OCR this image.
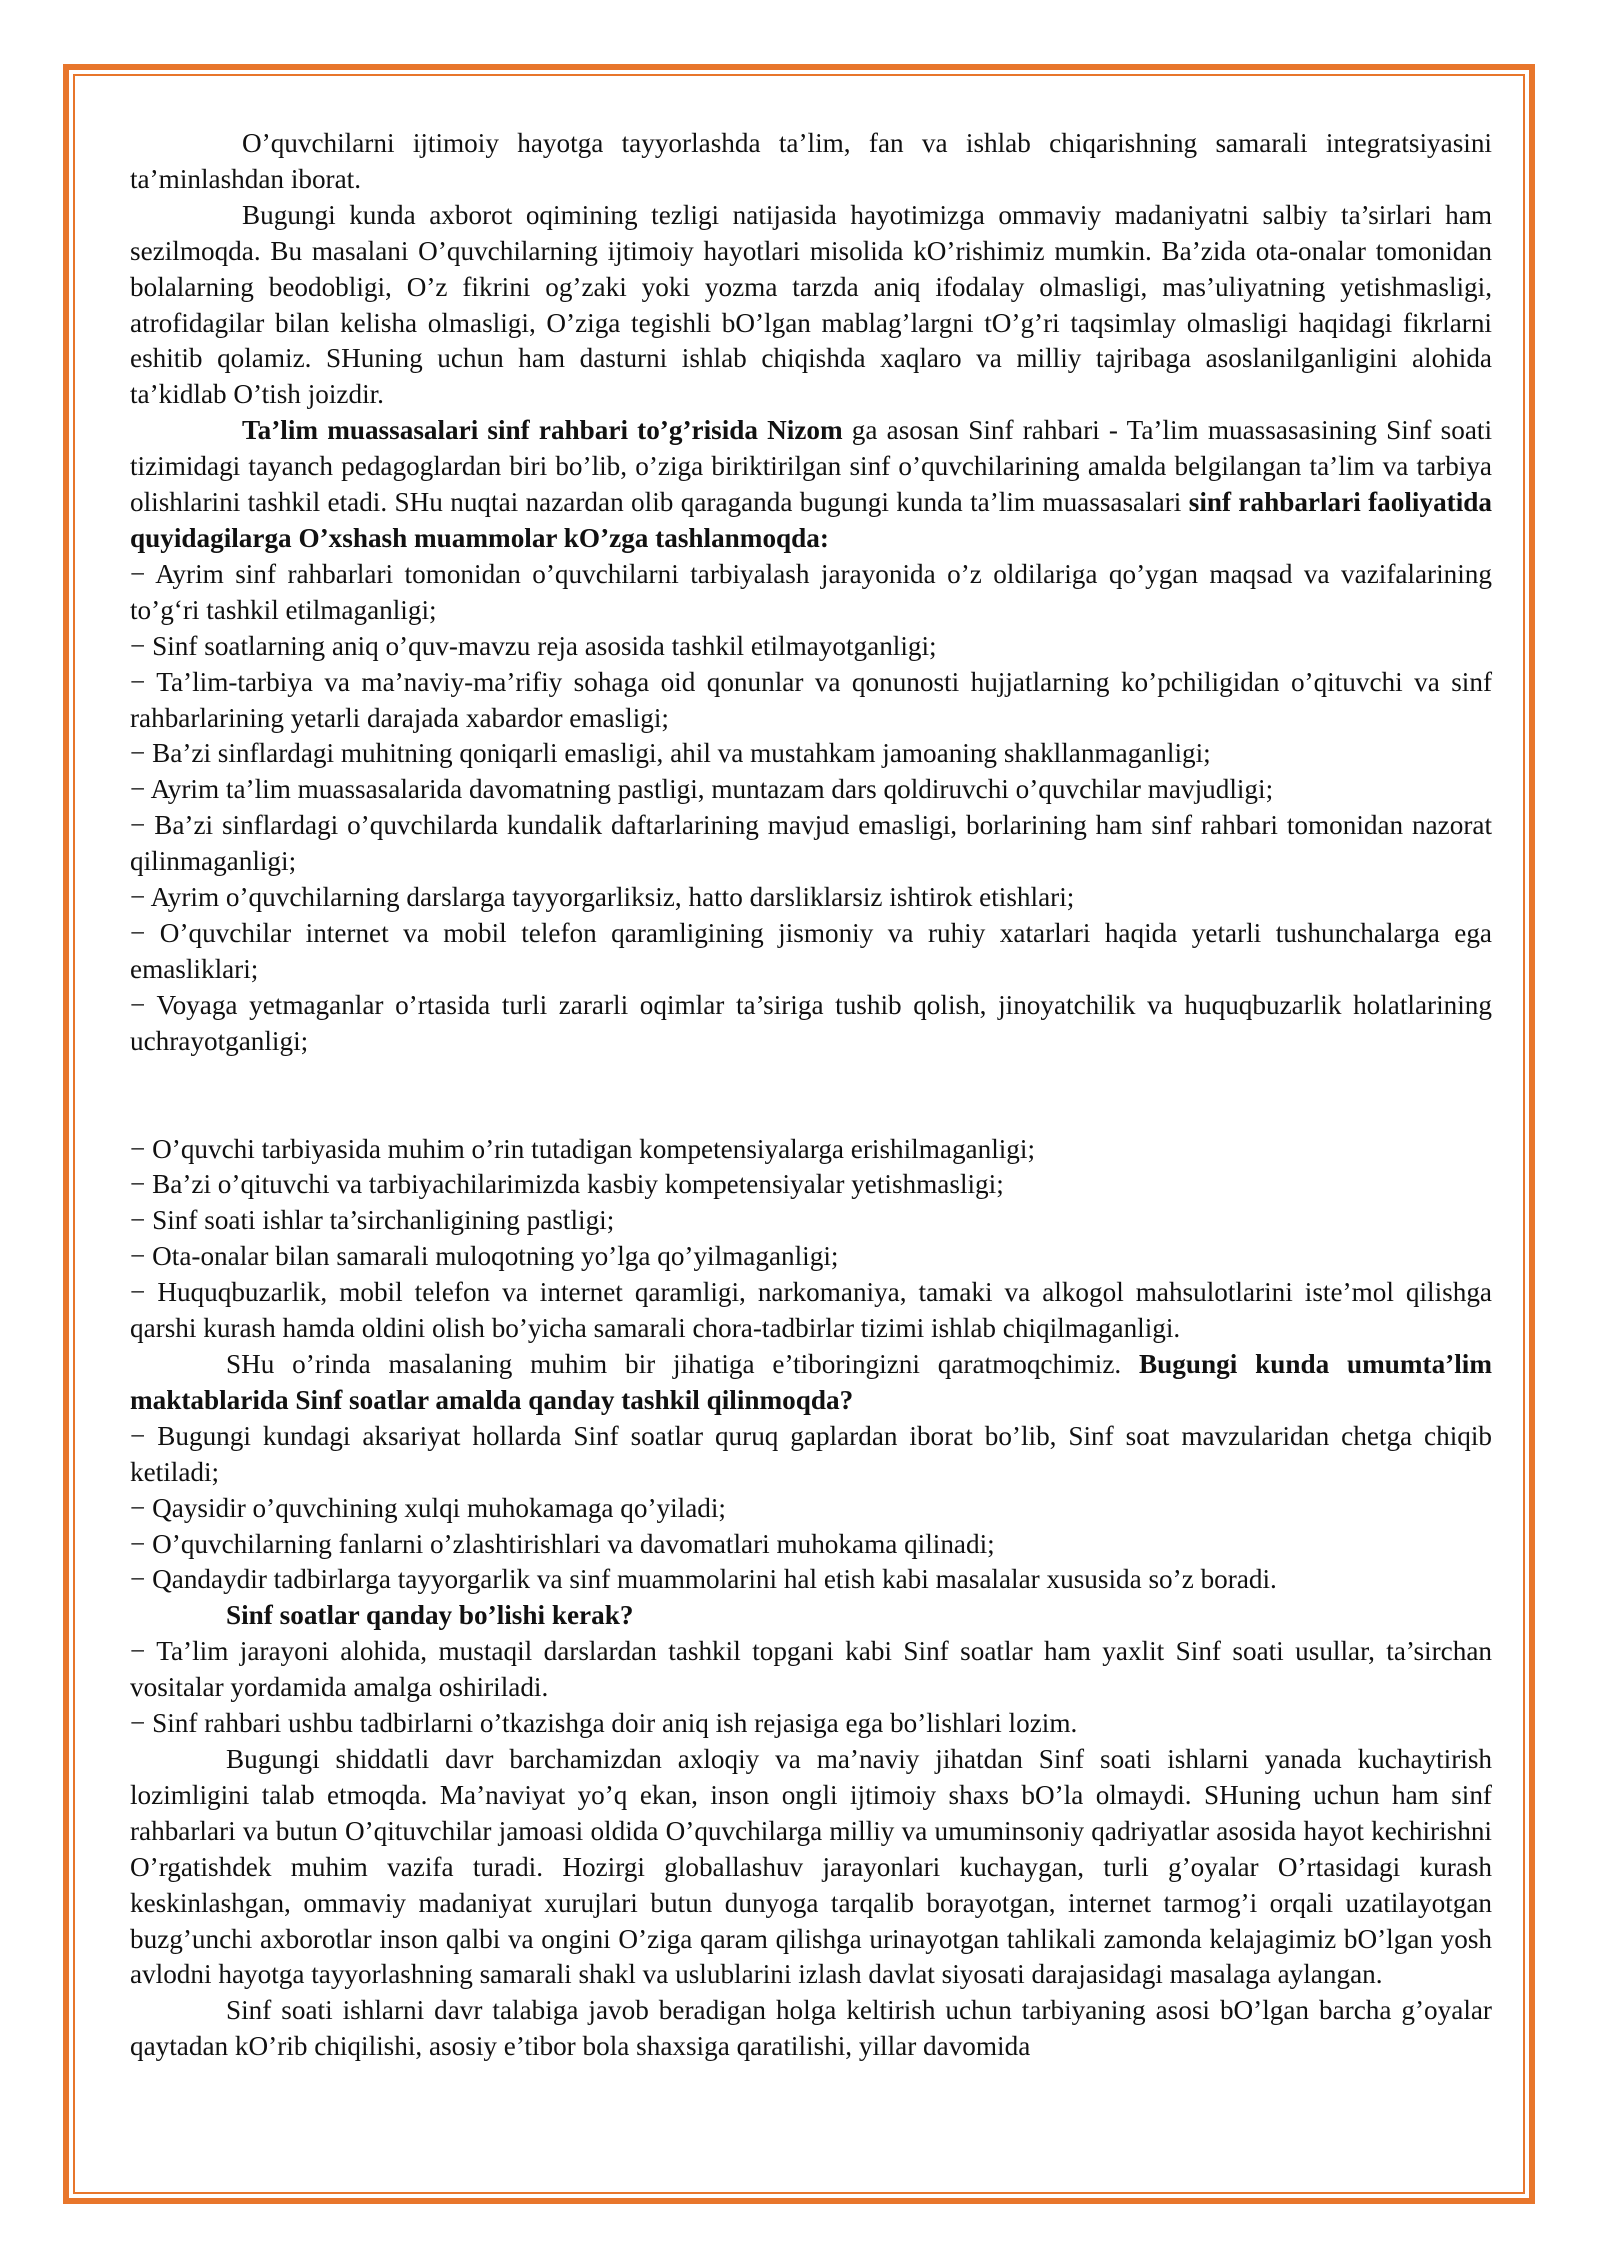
O’quvchilarni ijtimoiy hayotga tayyorlashda ta’lim, fan va ishlab chiqarishning samarali integratsiyasini ta’minlashdan iborat.

Bugungi kunda axborot oqimining tezligi natijasida hayotimizga ommaviy madaniyatni salbiy ta’sirlari ham sezilmoqda. Bu masalani O’quvchilarning ijtimoiy hayotlari misolida kO’rishimiz mumkin. Ba’zida ota-onalar tomonidan bolalarning beodobligi, O’z fikrini og’zaki yoki yozma tarzda aniq ifodalay olmasligi, mas’uliyatning yetishmasligi, atrofidagilar bilan kelisha olmasligi, O’ziga tegishli bO’lgan mablag’largni tO’g’ri taqsimlay olmasligi haqidagi fikrlarni eshitib qolamiz. SHuning uchun ham dasturni ishlab chiqishda xaqlaro va milliy tajribaga asoslanilganligini alohida ta’kidlab O’tish joizdir.

Ta’lim muassasalari sinf rahbari to’g’risida Nizom ga asosan Sinf rahbari - Ta’lim muassasasining Sinf soati tizimidagi tayanch pedagoglardan biri bo’lib, o’ziga biriktirilgan sinf o’quvchilarining amalda belgilangan ta’lim va tarbiya olishlarini tashkil etadi. SHu nuqtai nazardan olib qaraganda bugungi kunda ta’lim muassasalari sinf rahbarlari faoliyatida quyidagilarga O’xshash muammolar kO’zga tashlanmoqda:

− Ayrim sinf rahbarlari tomonidan o’quvchilarni tarbiyalash jarayonida o’z oldilariga qo’ygan maqsad va vazifalarining to’g‘ri tashkil etilmaganligi;

− Sinf soatlarning aniq o’quv-mavzu reja asosida tashkil etilmayotganligi;

− Ta’lim-tarbiya va ma’naviy-ma’rifiy sohaga oid qonunlar va qonunosti hujjatlarning ko’pchiligidan o’qituvchi va sinf rahbarlarining yetarli darajada xabardor emasligi;

− Ba’zi sinflardagi muhitning qoniqarli emasligi, ahil va mustahkam jamoaning shakllanmaganligi;

− Ayrim ta’lim muassasalarida davomatning pastligi, muntazam dars qoldiruvchi o’quvchilar mavjudligi;

− Ba’zi sinflardagi o’quvchilarda kundalik daftarlarining mavjud emasligi, borlarining ham sinf rahbari tomonidan nazorat qilinmaganligi;

− Ayrim o’quvchilarning darslarga tayyorgarliksiz, hatto darsliklarsiz ishtirok etishlari;

− O’quvchilar internet va mobil telefon qaramligining jismoniy va ruhiy xatarlari haqida yetarli tushunchalarga ega emasliklari;

− Voyaga yetmaganlar o’rtasida turli zararli oqimlar ta’siriga tushib qolish, jinoyatchilik va huquqbuzarlik holatlarining uchrayotganligi;

− O’quvchi tarbiyasida muhim o’rin tutadigan kompetensiyalarga erishilmaganligi;

− Ba’zi o’qituvchi va tarbiyachilarimizda kasbiy kompetensiyalar yetishmasligi;

− Sinf soati ishlar ta’sirchanligining pastligi;

− Ota-onalar bilan samarali muloqotning yo’lga qo’yilmaganligi;

− Huquqbuzarlik, mobil telefon va internet qaramligi, narkomaniya, tamaki va alkogol mahsulotlarini iste’mol qilishga qarshi kurash hamda oldini olish bo’yicha samarali chora-tadbirlar tizimi ishlab chiqilmaganligi.

SHu o’rinda masalaning muhim bir jihatiga e’tiboringizni qaratmoqchimiz. Bugungi kunda umumta’lim maktablarida Sinf soatlar amalda qanday tashkil qilinmoqda?

− Bugungi kundagi aksariyat hollarda Sinf soatlar quruq gaplardan iborat bo’lib, Sinf soat mavzularidan chetga chiqib ketiladi;

− Qaysidir o’quvchining xulqi muhokamaga qo’yiladi;

− O’quvchilarning fanlarni o’zlashtirishlari va davomatlari muhokama qilinadi;

− Qandaydir tadbirlarga tayyorgarlik va sinf muammolarini hal etish kabi masalalar xususida so’z boradi.

Sinf soatlar qanday bo’lishi kerak?

− Ta’lim jarayoni alohida, mustaqil darslardan tashkil topgani kabi Sinf soatlar ham yaxlit Sinf soati usullar, ta’sirchan vositalar yordamida amalga oshiriladi.

− Sinf rahbari ushbu tadbirlarni o’tkazishga doir aniq ish rejasiga ega bo’lishlari lozim.

Bugungi shiddatli davr barchamizdan axloqiy va ma’naviy jihatdan Sinf soati ishlarni yanada kuchaytirish lozimligini talab etmoqda. Ma’naviyat yo’q ekan, inson ongli ijtimoiy shaxs bO’la olmaydi. SHuning uchun ham sinf rahbarlari va butun O’qituvchilar jamoasi oldida O’quvchilarga milliy va umuminsoniy qadriyatlar asosida hayot kechirishni O’rgatishdek muhim vazifa turadi. Hozirgi globallashuv jarayonlari kuchaygan, turli g’oyalar O’rtasidagi kurash keskinlashgan, ommaviy madaniyat xurujlari butun dunyoga tarqalib borayotgan, internet tarmog’i orqali uzatilayotgan buzg’unchi axborotlar inson qalbi va ongini O’ziga qaram qilishga urinayotgan tahlikali zamonda kelajagimiz bO’lgan yosh avlodni hayotga tayyorlashning samarali shakl va uslublarini izlash davlat siyosati darajasidagi masalaga aylangan.

Sinf soati ishlarni davr talabiga javob beradigan holga keltirish uchun tarbiyaning asosi bO’lgan barcha g’oyalar qaytadan kO’rib chiqilishi, asosiy e’tibor bola shaxsiga qaratilishi, yillar davomida
